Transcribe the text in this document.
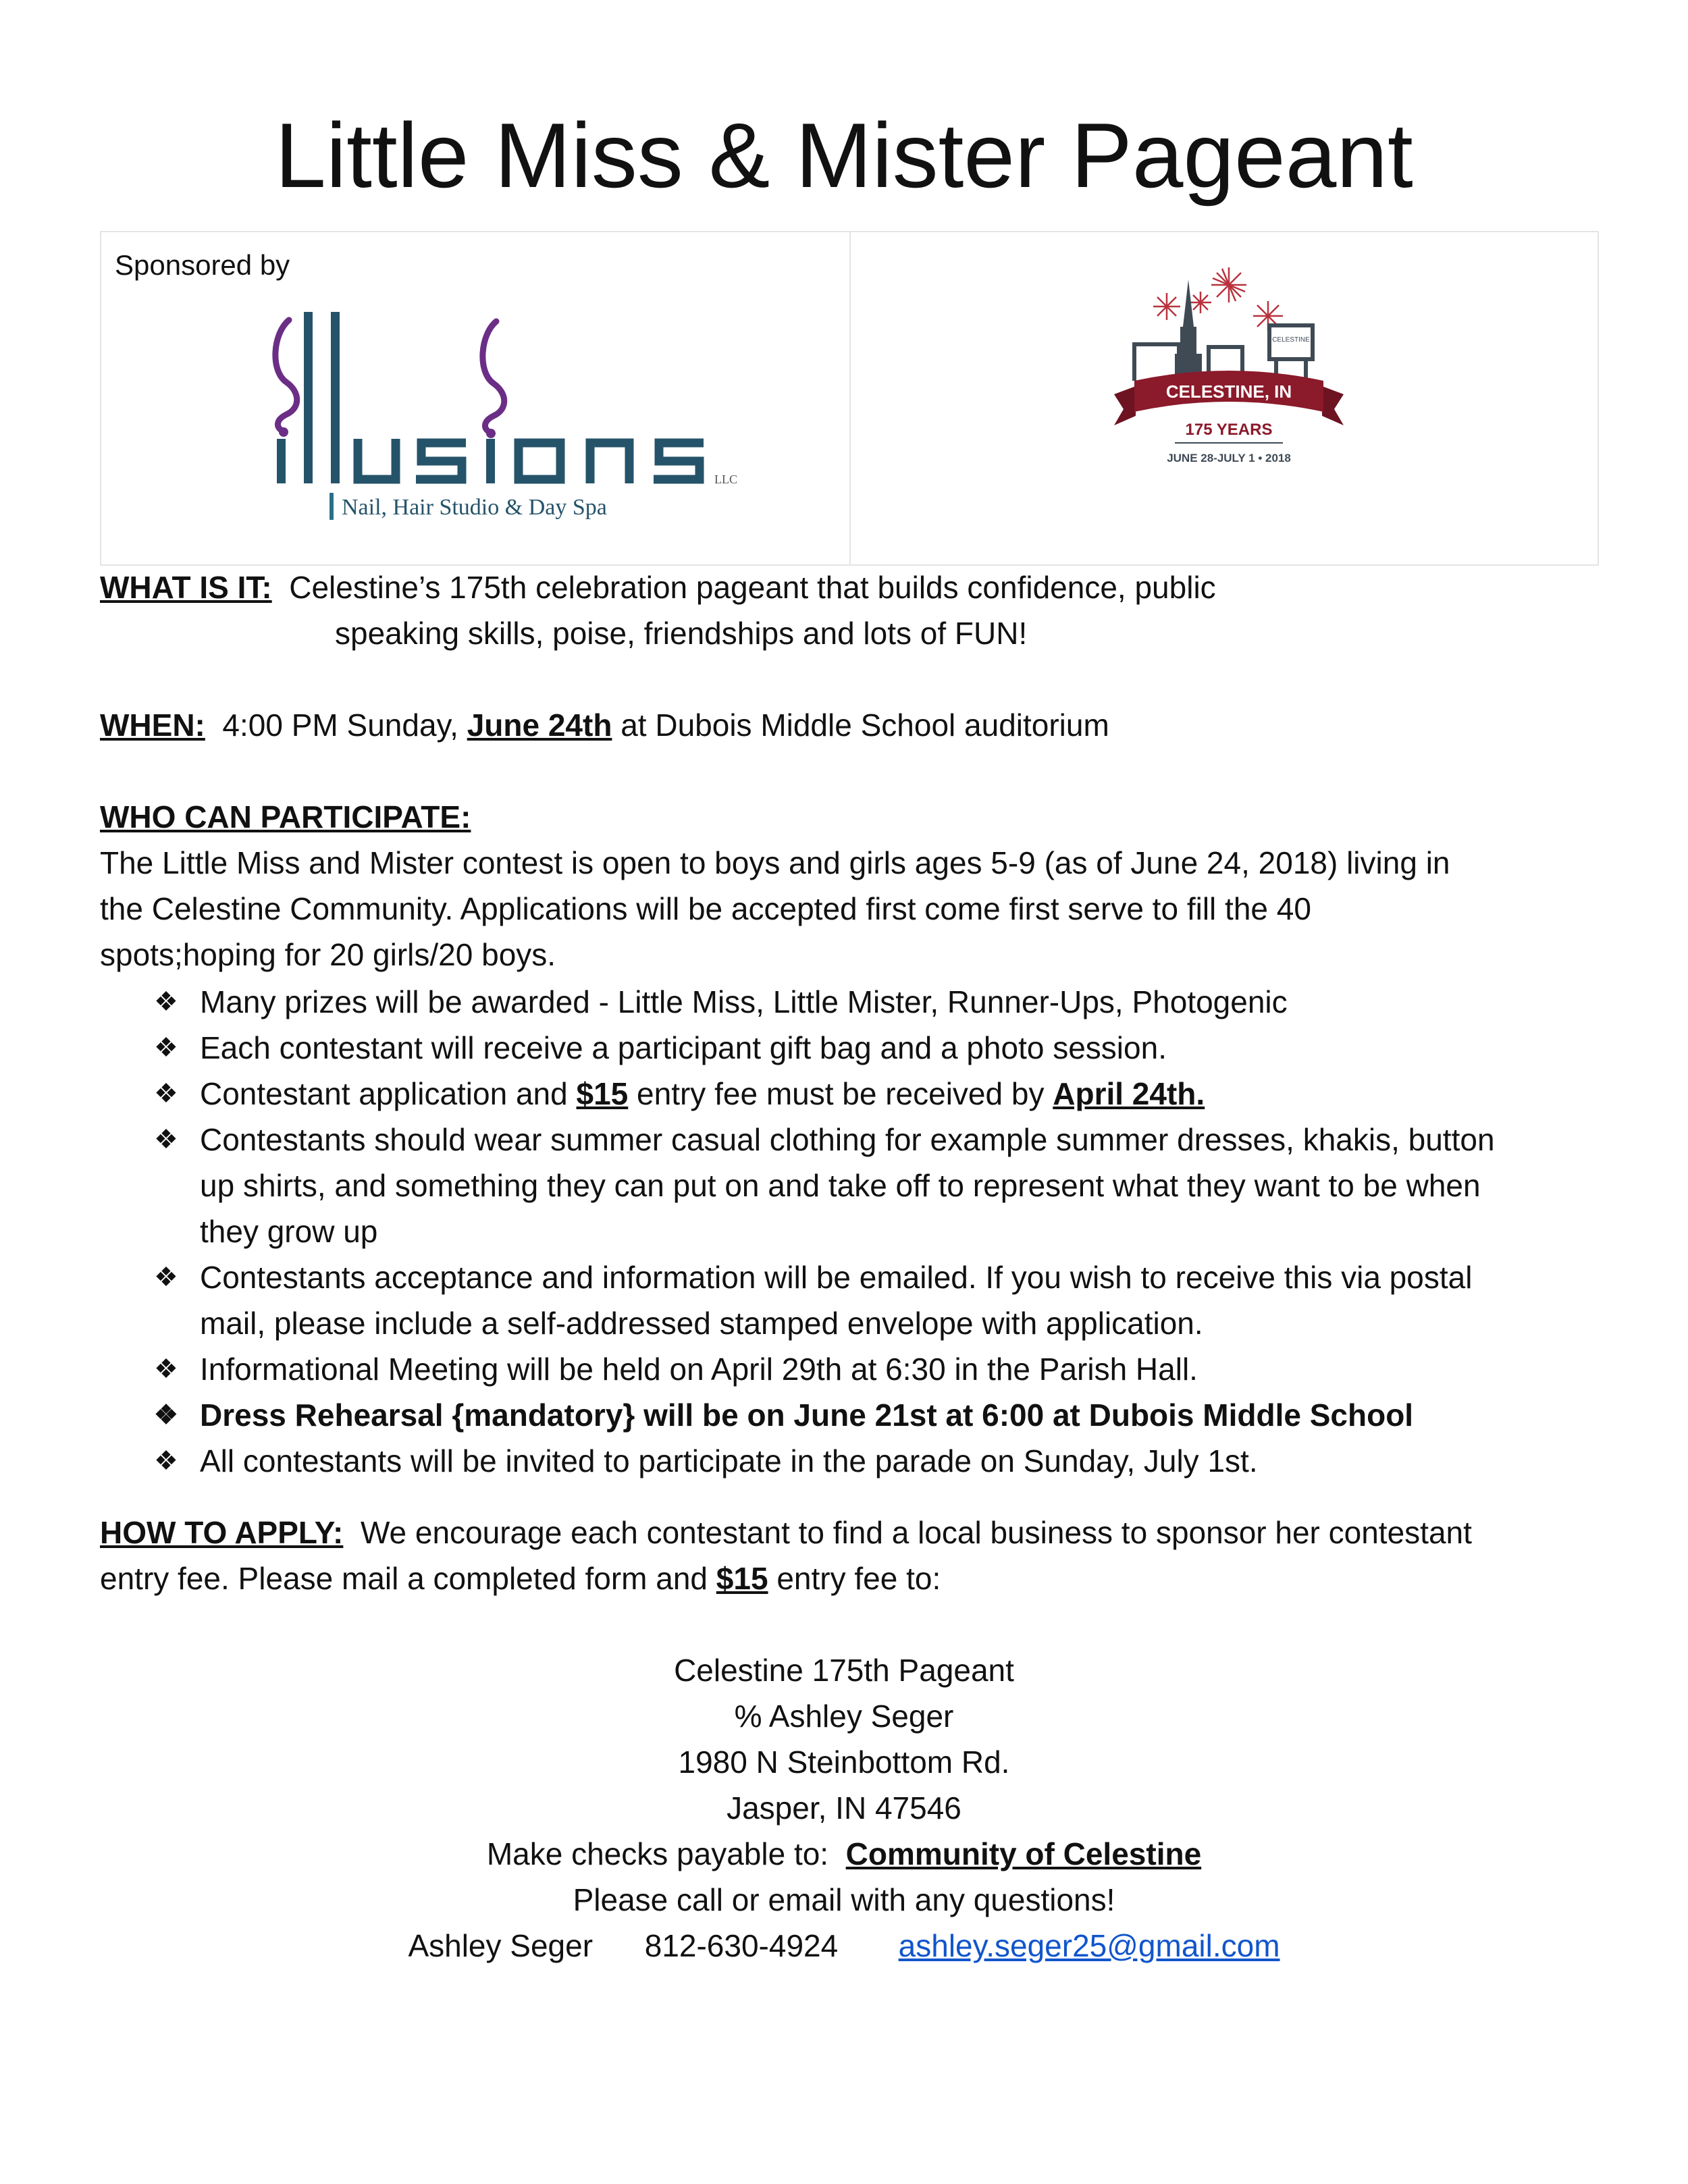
Little Miss & Mister Pageant
Sponsored by
LLC
Nail, Hair Studio & Day Spa
CELESTINE
CELESTINE, IN
175 YEARS
JUNE 28-JULY 1 • 2018
WHAT IS IT: Celestine’s 175th celebration pageant that builds confidence, public
speaking skills, poise, friendships and lots of FUN!
WHEN: 4:00 PM Sunday, June 24th at Dubois Middle School auditorium
WHO CAN PARTICIPATE:
The Little Miss and Mister contest is open to boys and girls ages 5-9 (as of June 24, 2018) living in
the Celestine Community. Applications will be accepted first come first serve to fill the 40
spots;hoping for 20 girls/20 boys.
❖ Many prizes will be awarded - Little Miss, Little Mister, Runner-Ups, Photogenic
❖ Each contestant will receive a participant gift bag and a photo session.
❖ Contestant application and $15 entry fee must be received by April 24th.
❖ Contestants should wear summer casual clothing for example summer dresses, khakis, button
up shirts, and something they can put on and take off to represent what they want to be when
they grow up
❖ Contestants acceptance and information will be emailed. If you wish to receive this via postal
mail, please include a self-addressed stamped envelope with application.
❖ Informational Meeting will be held on April 29th at 6:30 in the Parish Hall.
❖ Dress Rehearsal {mandatory} will be on June 21st at 6:00 at Dubois Middle School
❖ All contestants will be invited to participate in the parade on Sunday, July 1st.
HOW TO APPLY: We encourage each contestant to find a local business to sponsor her contestant
entry fee. Please mail a completed form and $15 entry fee to:
Celestine 175th Pageant
% Ashley Seger
1980 N Steinbottom Rd.
Jasper, IN 47546
Make checks payable to: Community of Celestine
Please call or email with any questions!
Ashley Seger 812-630-4924 ashley.seger25@gmail.com
